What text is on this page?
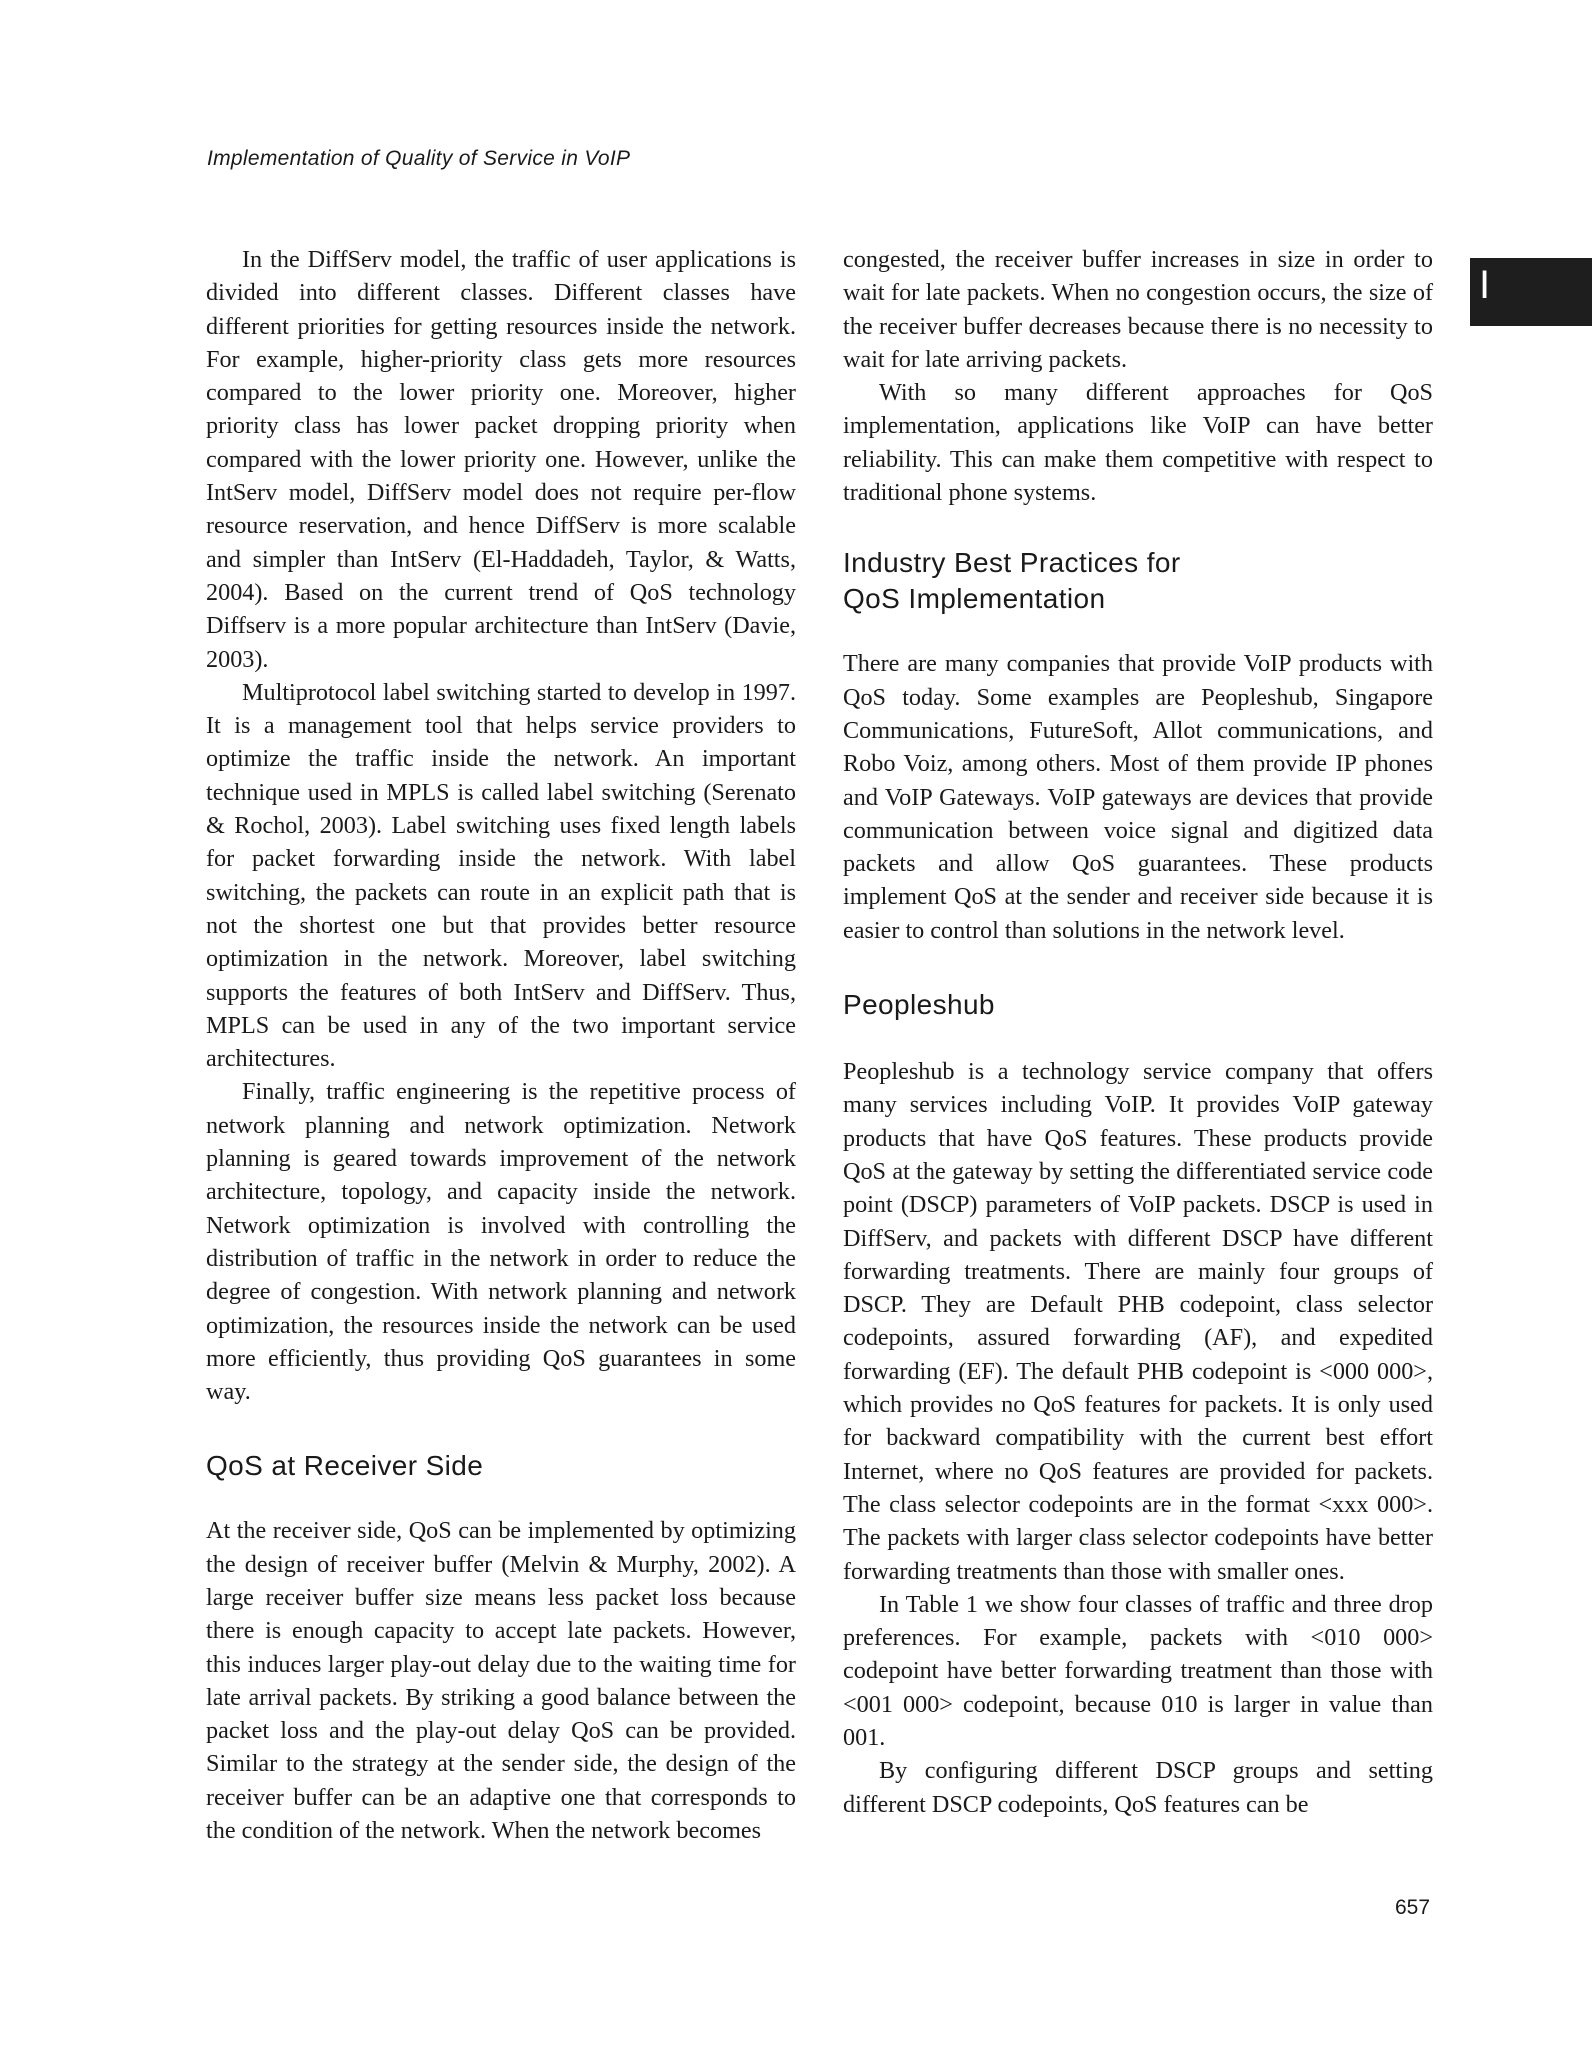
Implementation of Quality of Service in VoIP
I

In the DiffServ model, the traffic of user applications is divided into different classes. Different classes have different priorities for getting resources inside the network. For example, higher-priority class gets more resources compared to the lower priority one. Moreover, higher priority class has lower packet dropping priority when compared with the lower priority one. However, unlike the IntServ model, DiffServ model does not require per-flow resource reservation, and hence DiffServ is more scalable and simpler than IntServ (El-Haddadeh, Taylor, & Watts, 2004). Based on the current trend of QoS technology Diffserv is a more popular architecture than IntServ (Davie, 2003).

Multiprotocol label switching started to develop in 1997. It is a management tool that helps service providers to optimize the traffic inside the network. An important technique used in MPLS is called label switching (Serenato & Rochol, 2003). Label switching uses fixed length labels for packet forwarding inside the network. With label switching, the packets can route in an explicit path that is not the shortest one but that provides better resource optimization in the network. Moreover, label switching supports the features of both IntServ and DiffServ. Thus, MPLS can be used in any of the two important service architectures.

Finally, traffic engineering is the repetitive process of network planning and network optimization. Network planning is geared towards improvement of the network architecture, topology, and capacity inside the network. Network optimization is involved with controlling the distribution of traffic in the network in order to reduce the degree of congestion. With network planning and network optimization, the resources inside the network can be used more efficiently, thus providing QoS guarantees in some way.

QoS at Receiver Side

At the receiver side, QoS can be implemented by optimizing the design of receiver buffer (Melvin & Murphy, 2002). A large receiver buffer size means less packet loss because there is enough capacity to accept late packets. However, this induces larger play-out delay due to the waiting time for late arrival packets. By striking a good balance between the packet loss and the play-out delay QoS can be provided. Similar to the strategy at the sender side, the design of the receiver buffer can be an adaptive one that corresponds to the condition of the network. When the network becomes

congested, the receiver buffer increases in size in order to wait for late packets. When no congestion occurs, the size of the receiver buffer decreases because there is no necessity to wait for late arriving packets.

With so many different approaches for QoS implementation, applications like VoIP can have better reliability. This can make them competitive with respect to traditional phone systems.

Industry Best Practices for
QoS Implementation

There are many companies that provide VoIP products with QoS today. Some examples are Peopleshub, Singapore Communications, FutureSoft, Allot communications, and Robo Voiz, among others. Most of them provide IP phones and VoIP Gateways. VoIP gateways are devices that provide communication between voice signal and digitized data packets and allow QoS guarantees. These products implement QoS at the sender and receiver side because it is easier to control than solutions in the network level.

Peopleshub

Peopleshub is a technology service company that offers many services including VoIP. It provides VoIP gateway products that have QoS features. These products provide QoS at the gateway by setting the differentiated service code point (DSCP) parameters of VoIP packets. DSCP is used in DiffServ, and packets with different DSCP have different forwarding treatments. There are mainly four groups of DSCP. They are Default PHB codepoint, class selector codepoints, assured forwarding (AF), and expedited forwarding (EF). The default PHB codepoint is <000 000>, which provides no QoS features for packets. It is only used for backward compatibility with the current best effort Internet, where no QoS features are provided for packets. The class selector codepoints are in the format <xxx 000>. The packets with larger class selector codepoints have better forwarding treatments than those with smaller ones.

In Table 1 we show four classes of traffic and three drop preferences. For example, packets with <010 000> codepoint have better forwarding treatment than those with <001 000> codepoint, because 010 is larger in value than 001.

By configuring different DSCP groups and setting different DSCP codepoints, QoS features can be

657
